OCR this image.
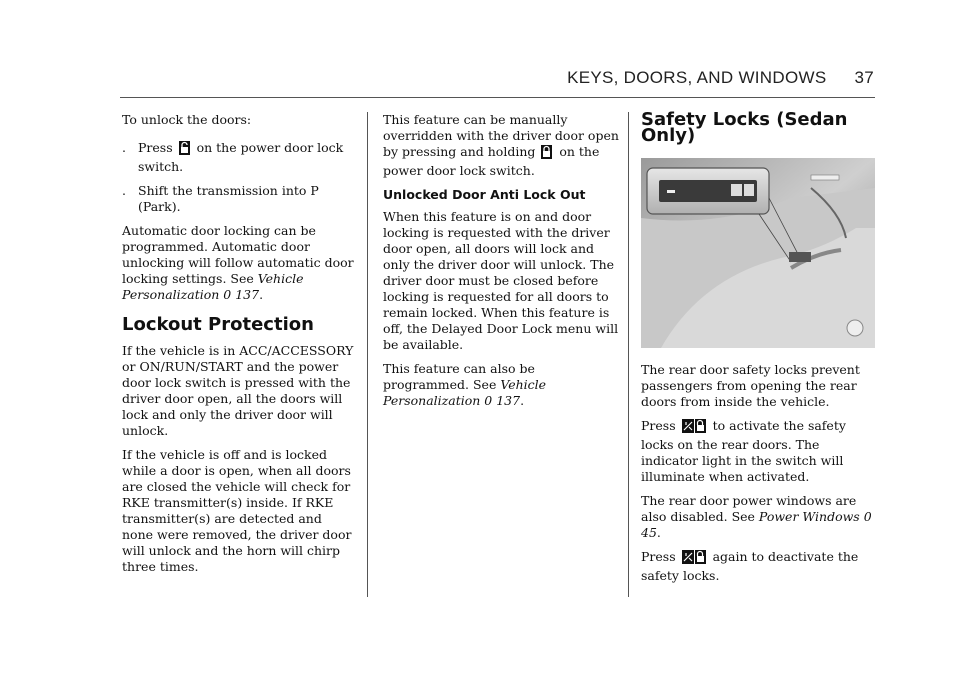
KEYS, DOORS, AND WINDOWS 37

To unlock the doors:

. Press on the power door lock switch.
. Shift the transmission into P (Park).

Automatic door locking can be programmed. Automatic door unlocking will follow automatic door locking settings. See Vehicle Personalization 0 137.

Lockout Protection

If the vehicle is in ACC/ACCESSORY or ON/RUN/START and the power door lock switch is pressed with the driver door open, all the doors will lock and only the driver door will unlock.

If the vehicle is off and is locked while a door is open, when all doors are closed the vehicle will check for RKE transmitter(s) inside. If RKE transmitter(s) are detected and none were removed, the driver door will unlock and the horn will chirp three times.

This feature can be manually overridden with the driver door open by pressing and holding on the power door lock switch.

Unlocked Door Anti Lock Out

When this feature is on and door locking is requested with the driver door open, all doors will lock and only the driver door will unlock. The driver door must be closed before locking is requested for all doors to remain locked. When this feature is off, the Delayed Door Lock menu will be available.

This feature can also be programmed. See Vehicle Personalization 0 137.

Safety Locks (Sedan Only)

The rear door safety locks prevent passengers from opening the rear doors from inside the vehicle.

Press	to activate the safety locks on the rear doors. The indicator light in the switch will illuminate when activated.

The rear door power windows are also disabled. See Power Windows 0 45.

Press	again to deactivate the safety locks.
